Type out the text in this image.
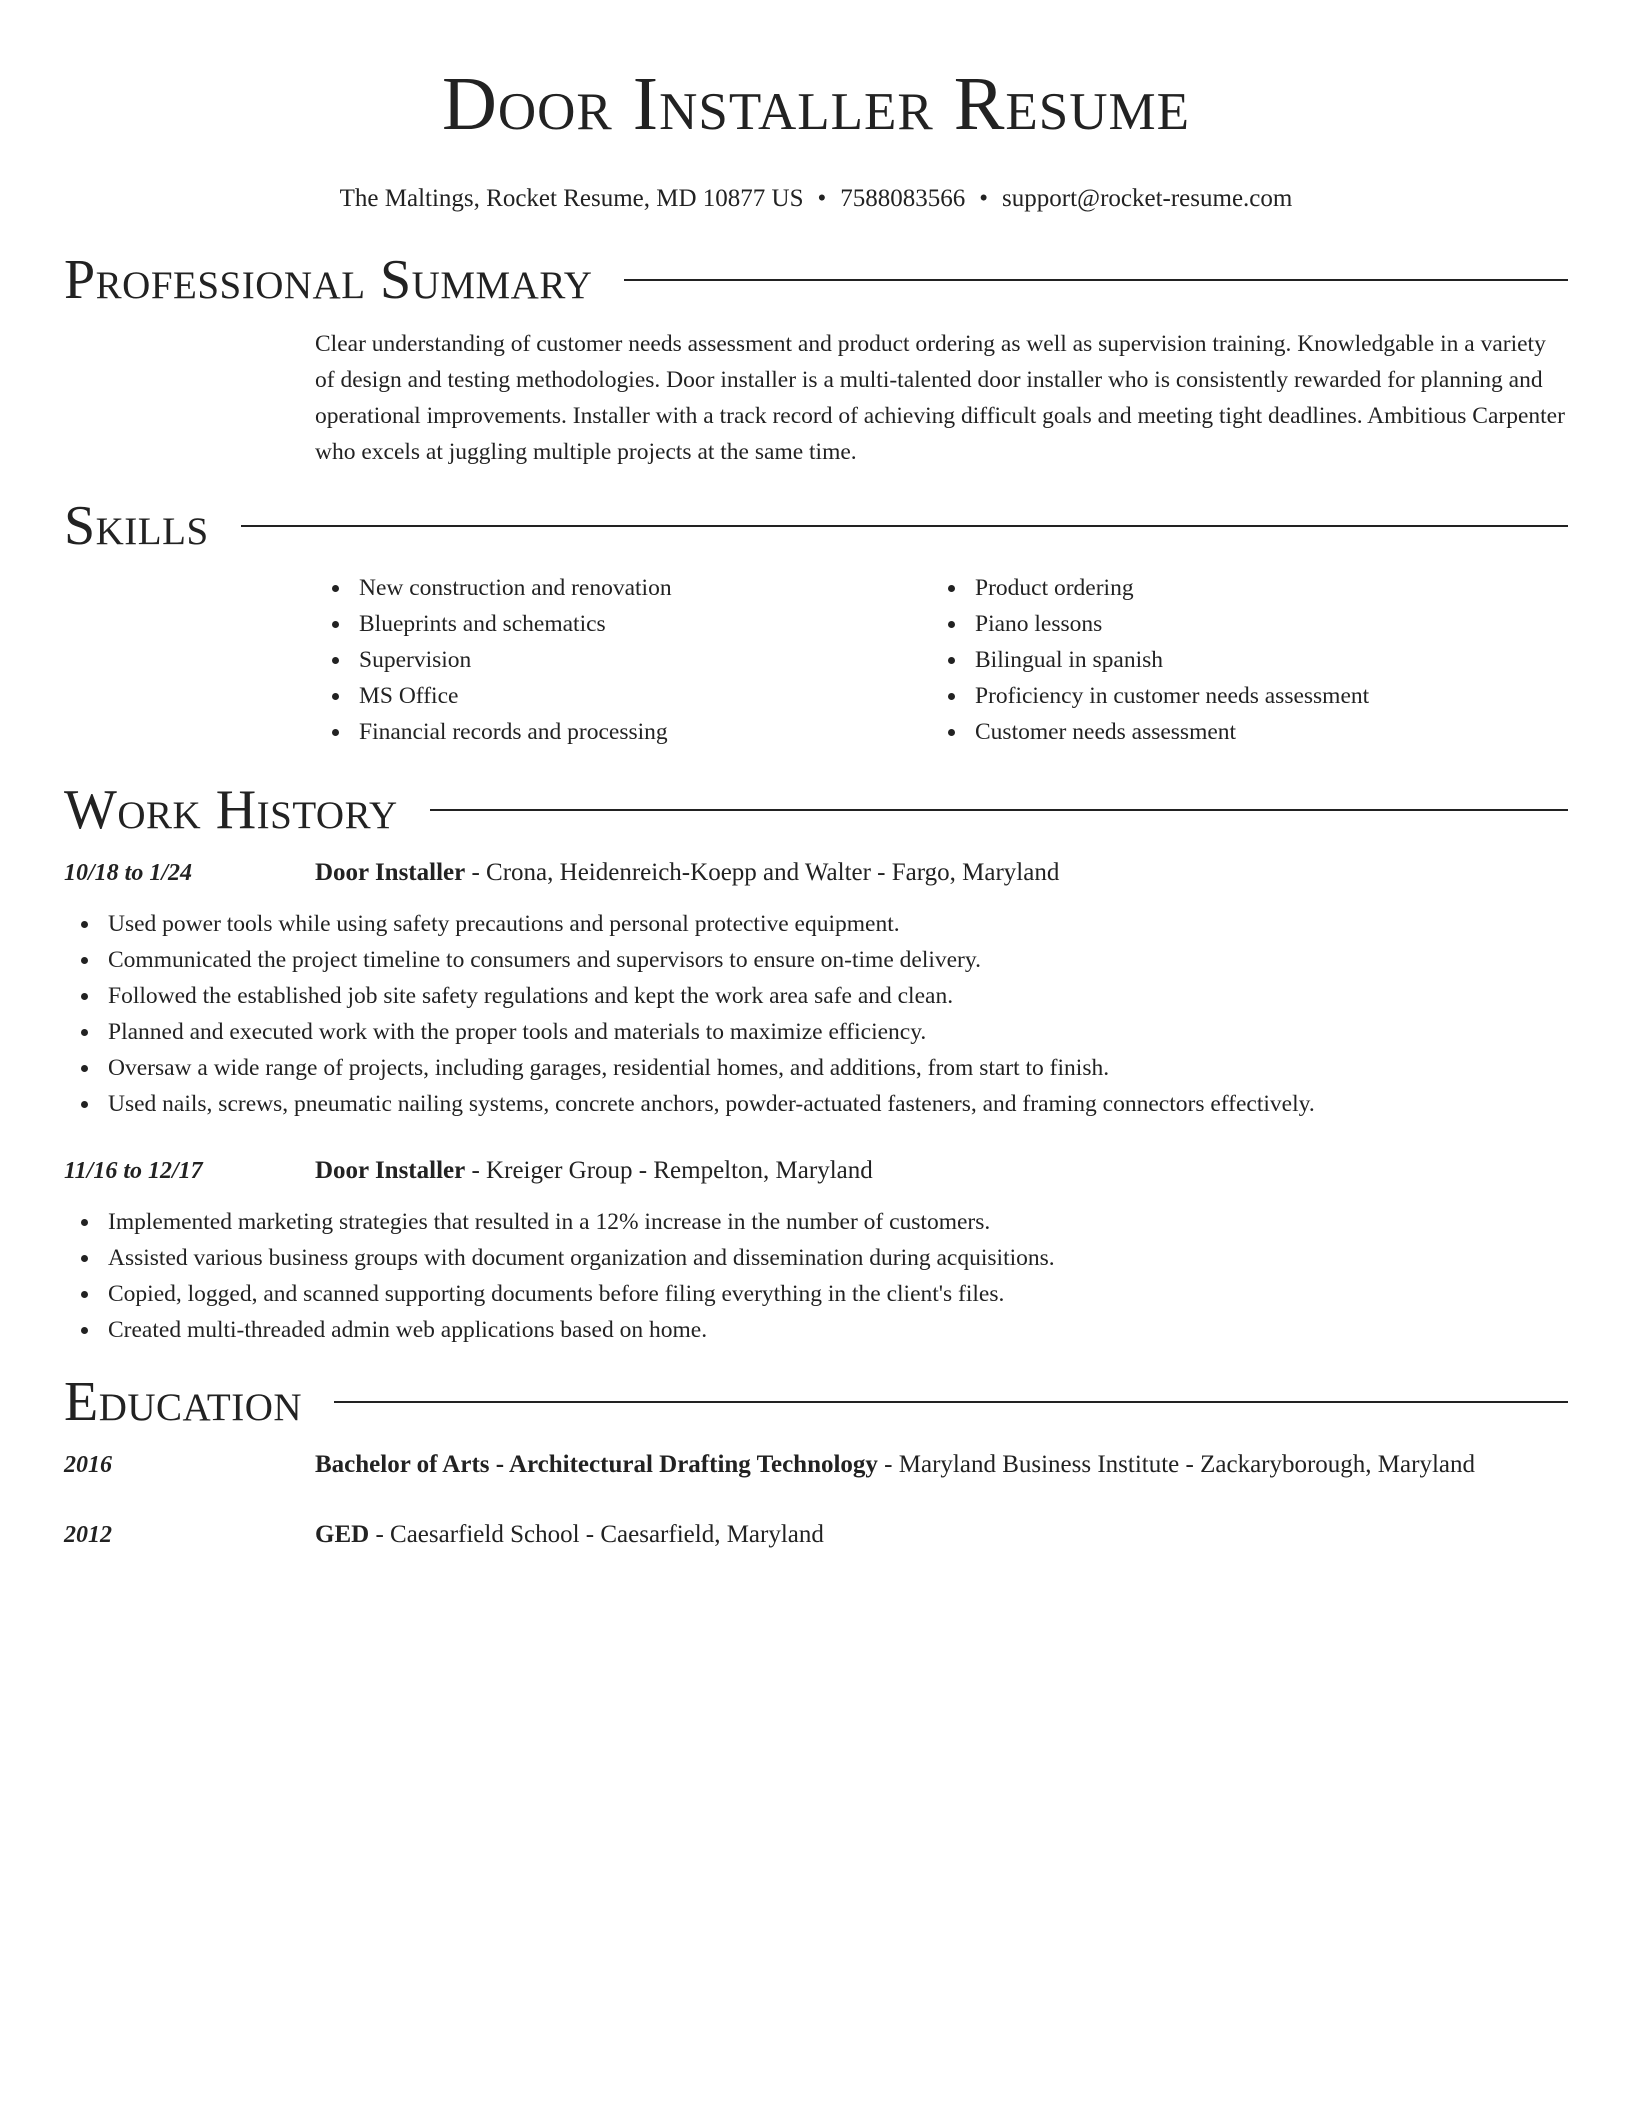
Door Installer Resume
The Maltings, Rocket Resume, MD 10877 US • 7588083566 • support@rocket-resume.com
Professional Summary
Clear understanding of customer needs assessment and product ordering as well as supervision training. Knowledgable in a variety of design and testing methodologies. Door installer is a multi-talented door installer who is consistently rewarded for planning and operational improvements. Installer with a track record of achieving difficult goals and meeting tight deadlines. Ambitious Carpenter who excels at juggling multiple projects at the same time.
Skills
New construction and renovation
Blueprints and schematics
Supervision
MS Office
Financial records and processing
Product ordering
Piano lessons
Bilingual in spanish
Proficiency in customer needs assessment
Customer needs assessment
Work History
10/18 to 1/24	Door Installer - Crona, Heidenreich-Koepp and Walter - Fargo, Maryland
Used power tools while using safety precautions and personal protective equipment.
Communicated the project timeline to consumers and supervisors to ensure on-time delivery.
Followed the established job site safety regulations and kept the work area safe and clean.
Planned and executed work with the proper tools and materials to maximize efficiency.
Oversaw a wide range of projects, including garages, residential homes, and additions, from start to finish.
Used nails, screws, pneumatic nailing systems, concrete anchors, powder-actuated fasteners, and framing connectors effectively.
11/16 to 12/17	Door Installer - Kreiger Group - Rempelton, Maryland
Implemented marketing strategies that resulted in a 12% increase in the number of customers.
Assisted various business groups with document organization and dissemination during acquisitions.
Copied, logged, and scanned supporting documents before filing everything in the client's files.
Created multi-threaded admin web applications based on home.
Education
2016	Bachelor of Arts - Architectural Drafting Technology - Maryland Business Institute - Zackaryborough, Maryland
2012	GED - Caesarfield School - Caesarfield, Maryland
